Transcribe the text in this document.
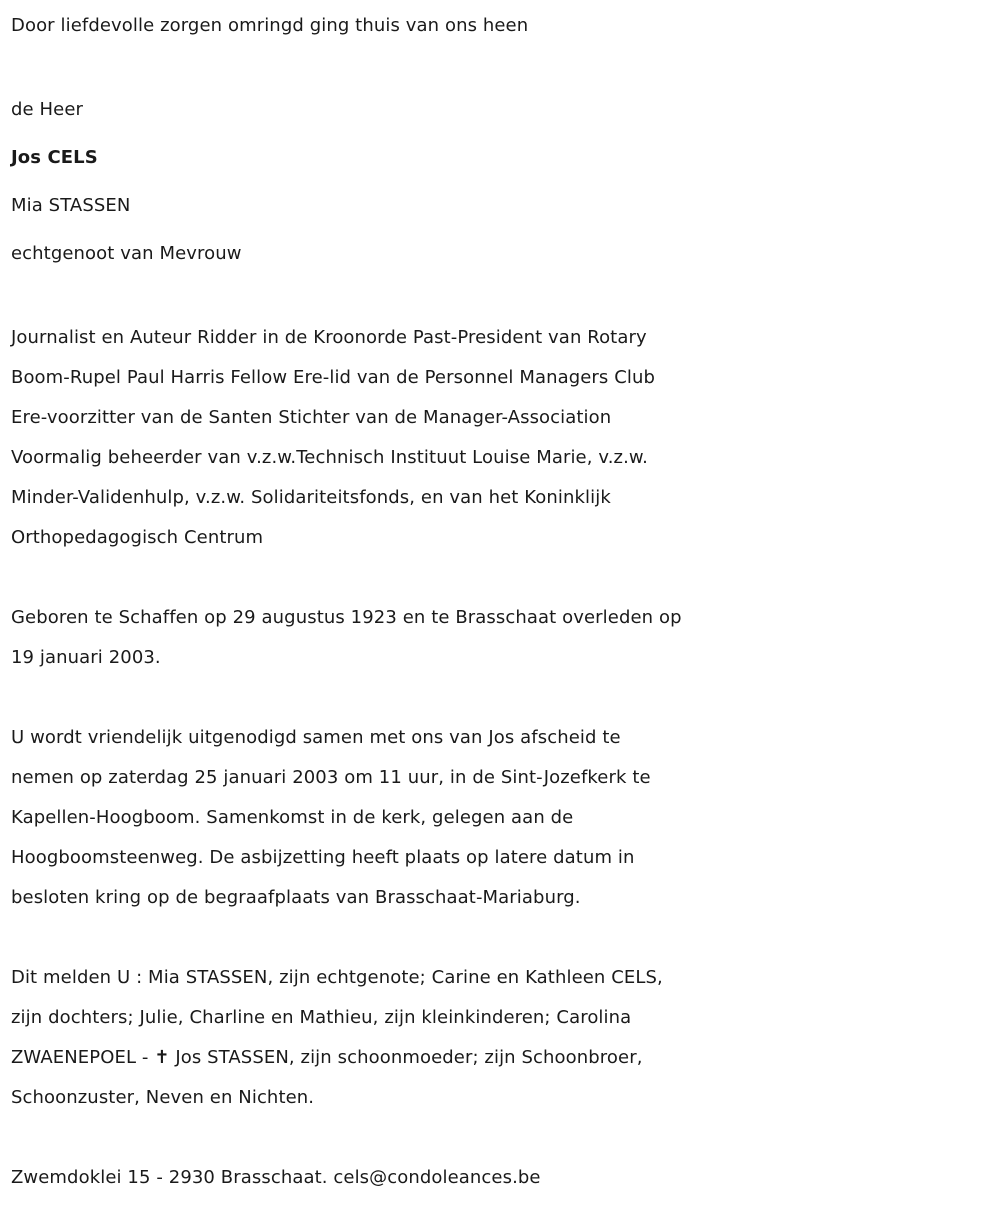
Door liefdevolle zorgen omringd ging thuis van ons heen
de Heer
Jos CELS
Mia STASSEN
echtgenoot van Mevrouw
Journalist en Auteur Ridder in de Kroonorde Past-President van Rotary
Boom-Rupel Paul Harris Fellow Ere-lid van de Personnel Managers Club
Ere-voorzitter van de Santen Stichter van de Manager-Association
Voormalig beheerder van v.z.w.Technisch Instituut Louise Marie, v.z.w.
Minder-Validenhulp, v.z.w. Solidariteitsfonds, en van het Koninklijk
Orthopedagogisch Centrum
Geboren te Schaffen op 29 augustus 1923 en te Brasschaat overleden op
19 januari 2003.
U wordt vriendelijk uitgenodigd samen met ons van Jos afscheid te
nemen op zaterdag 25 januari 2003 om 11 uur, in de Sint-Jozefkerk te
Kapellen-Hoogboom. Samenkomst in de kerk, gelegen aan de
Hoogboomsteenweg. De asbijzetting heeft plaats op latere datum in
besloten kring op de begraafplaats van Brasschaat-Mariaburg.
Dit melden U : Mia STASSEN, zijn echtgenote; Carine en Kathleen CELS,
zijn dochters; Julie, Charline en Mathieu, zijn kleinkinderen; Carolina
ZWAENEPOEL - ✝ Jos STASSEN, zijn schoonmoeder; zijn Schoonbroer,
Schoonzuster, Neven en Nichten.
Zwemdoklei 15 - 2930 Brasschaat. cels@condoleances.be
